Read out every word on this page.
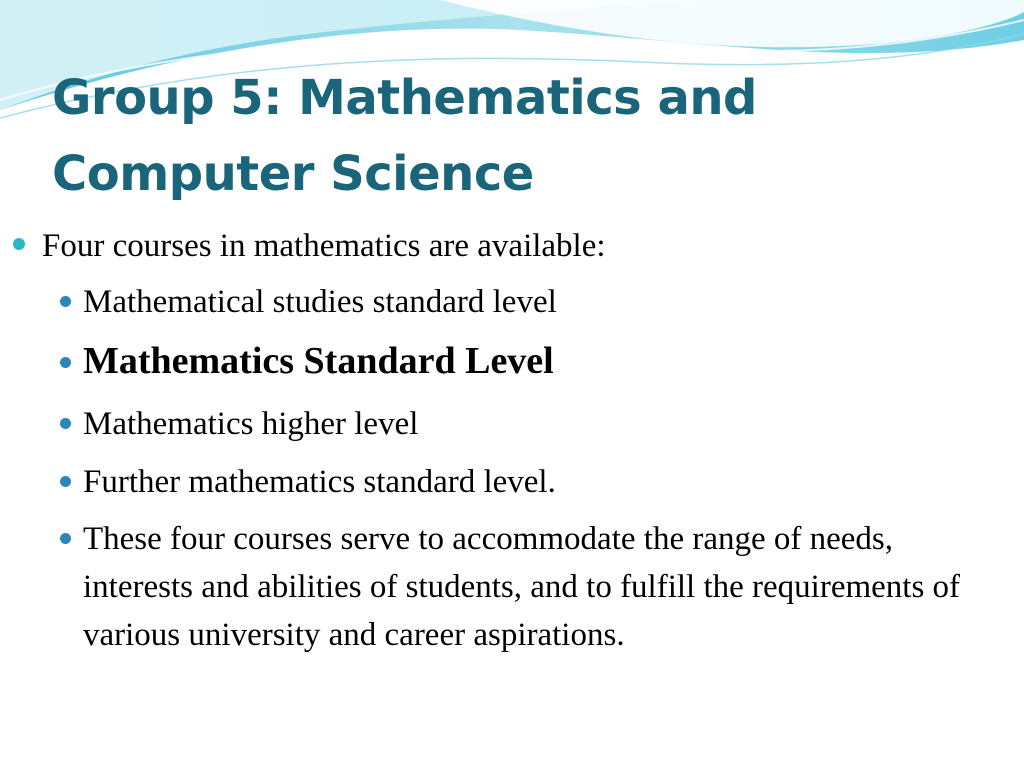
Group 5: Mathematics and
Computer Science
Four courses in mathematics are available:
Mathematical studies standard level
Mathematics Standard Level
Mathematics higher level
Further mathematics standard level.
These four courses serve to accommodate the range of needs, interests and abilities of students, and to fulfill the requirements of various university and career aspirations.
